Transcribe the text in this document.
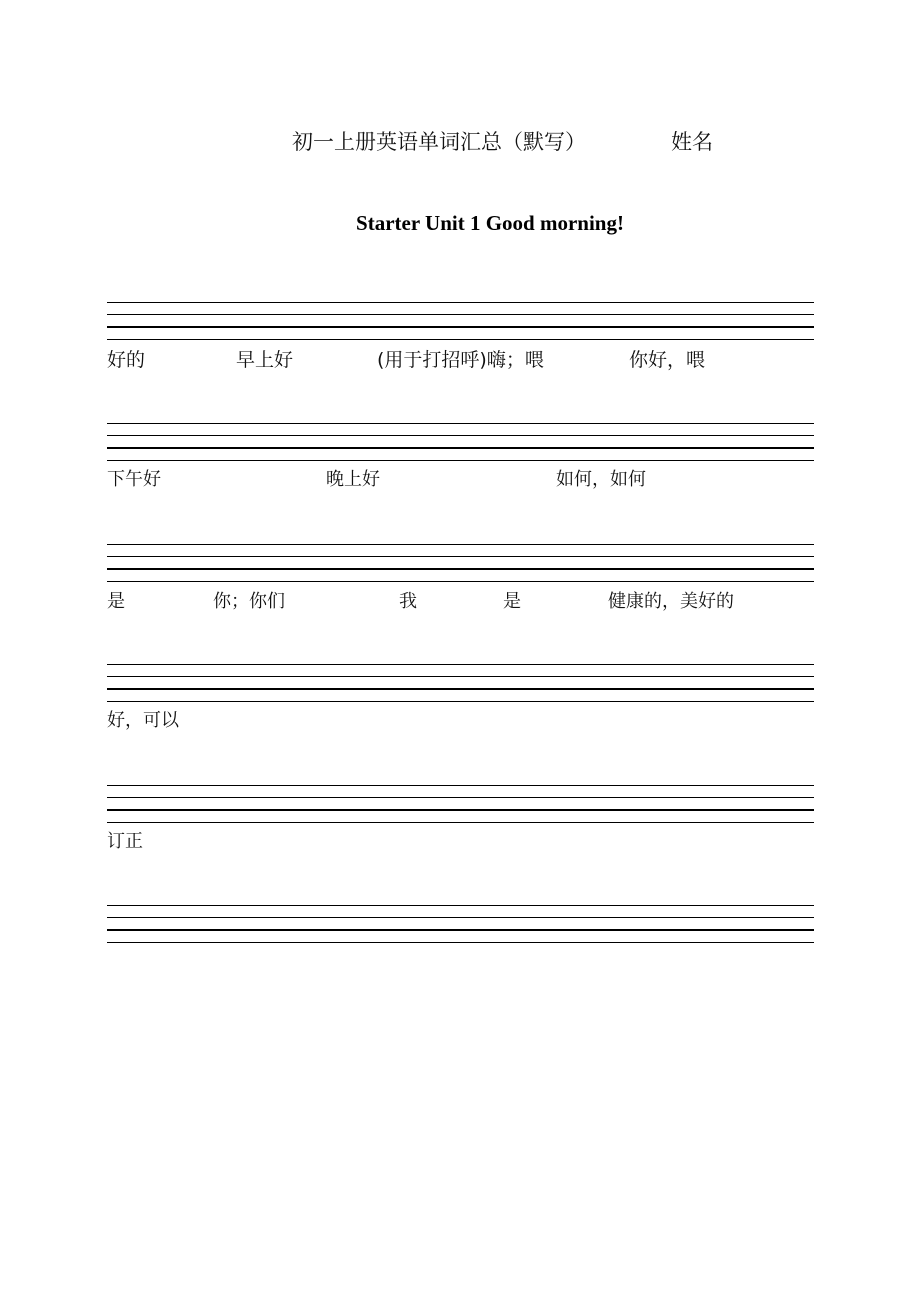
初一上册英语单词汇总（默写）	姓名
Starter Unit 1 Good morning!
好的	早上好	(用于打招呼)嗨；喂	你好，喂
下午好	晚上好	如何，如何
是	你；你们	我	是	健康的，美好的
好，可以
订正
